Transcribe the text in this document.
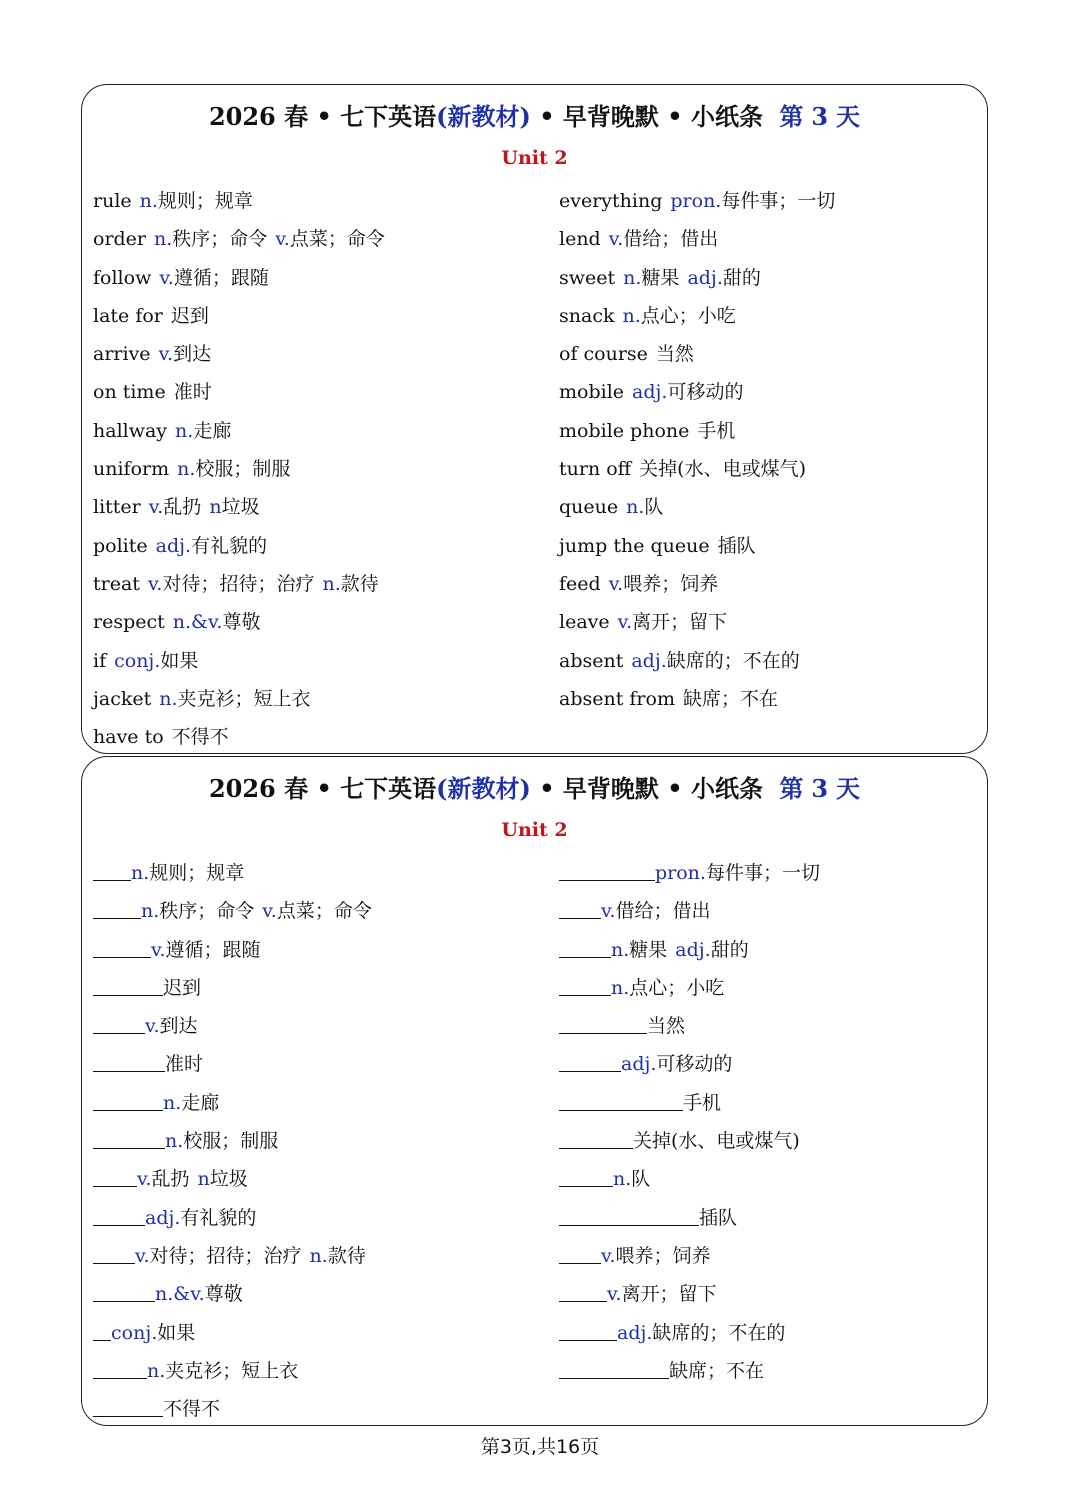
2026 春 • 七下英语(新教材) • 早背晚默 • 小纸条 第 3 天
Unit 2
rule n.规则；规章
order n.秩序；命令 v.点菜；命令
follow v.遵循；跟随
late for 迟到
arrive v.到达
on time 准时
hallway n.走廊
uniform n.校服；制服
litter v.乱扔 n垃圾
polite adj.有礼貌的
treat v.对待；招待；治疗 n.款待
respect n.&v.尊敬
if conj.如果
jacket n.夹克衫；短上衣
have to 不得不
everything pron.每件事；一切
lend v.借给；借出
sweet n.糖果 adj.甜的
snack n.点心；小吃
of course 当然
mobile adj.可移动的
mobile phone 手机
turn off 关掉(水、电或煤气)
queue n.队
jump the queue 插队
feed v.喂养；饲养
leave v.离开；留下
absent adj.缺席的；不在的
absent from 缺席；不在
2026 春 • 七下英语(新教材) • 早背晚默 • 小纸条 第 3 天
Unit 2
n.规则；规章
n.秩序；命令 v.点菜；命令
v.遵循；跟随
迟到
v.到达
准时
n.走廊
n.校服；制服
v.乱扔 n垃圾
adj.有礼貌的
v.对待；招待；治疗 n.款待
n.&v.尊敬
conj.如果
n.夹克衫；短上衣
不得不
pron.每件事；一切
v.借给；借出
n.糖果 adj.甜的
n.点心；小吃
当然
adj.可移动的
手机
关掉(水、电或煤气)
n.队
插队
v.喂养；饲养
v.离开；留下
adj.缺席的；不在的
缺席；不在
第3页,共16页
